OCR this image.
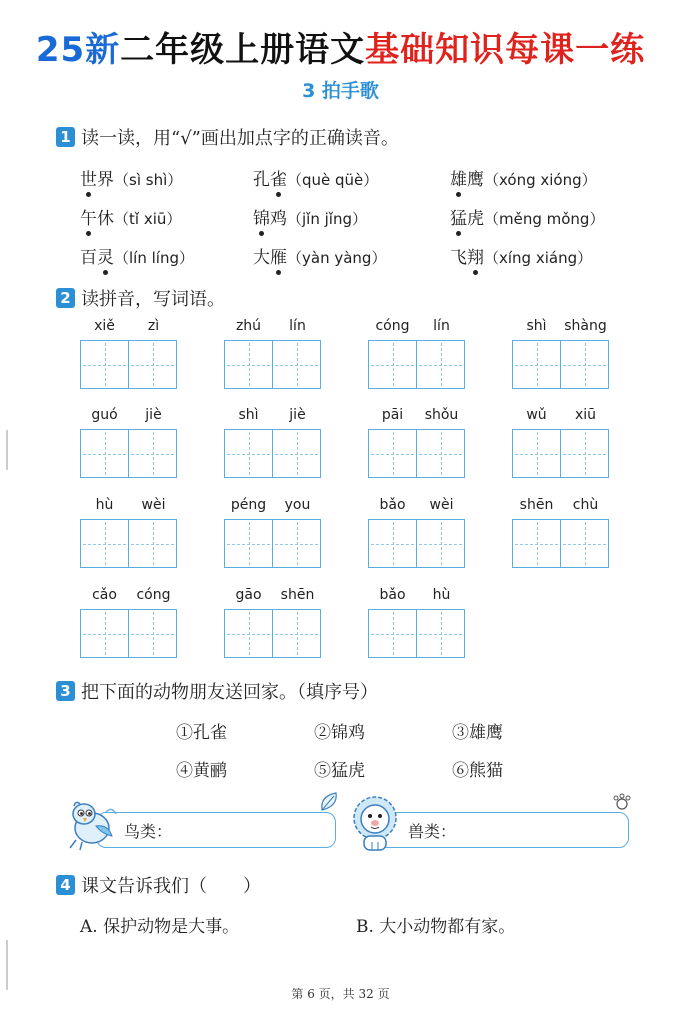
25新二年级上册语文基础知识每课一练
3 拍手歌
1 读一读，用“√”画出加点字的正确读音。
世界（sì shì）	孔雀（què qüè）	雄鹰（xóng xióng）
午休（tǐ xiū）	锦鸡（jǐn jǐng）	猛虎（měng mǒng）
百灵（lín líng）	大雁（yàn yàng）	飞翔（xíng xiáng）
2 读拼音，写词语。
xiě	zì	zhú	lín	cóng	lín	shì	shàng
guó	jiè	shì	jiè	pāi	shǒu	wǔ	xiū
hù	wèi	péng	you	bǎo	wèi	shēn	chù
cǎo	cóng	gāo	shēn	bǎo	hù
3 把下面的动物朋友送回家。（填序号）
①孔雀	②锦鸡	③雄鹰
④黄鹂	⑤猛虎	⑥熊猫
鸟类：	兽类：
4 课文告诉我们（　　）
A. 保护动物是大事。	B. 大小动物都有家。
第 6 页，共 32 页
